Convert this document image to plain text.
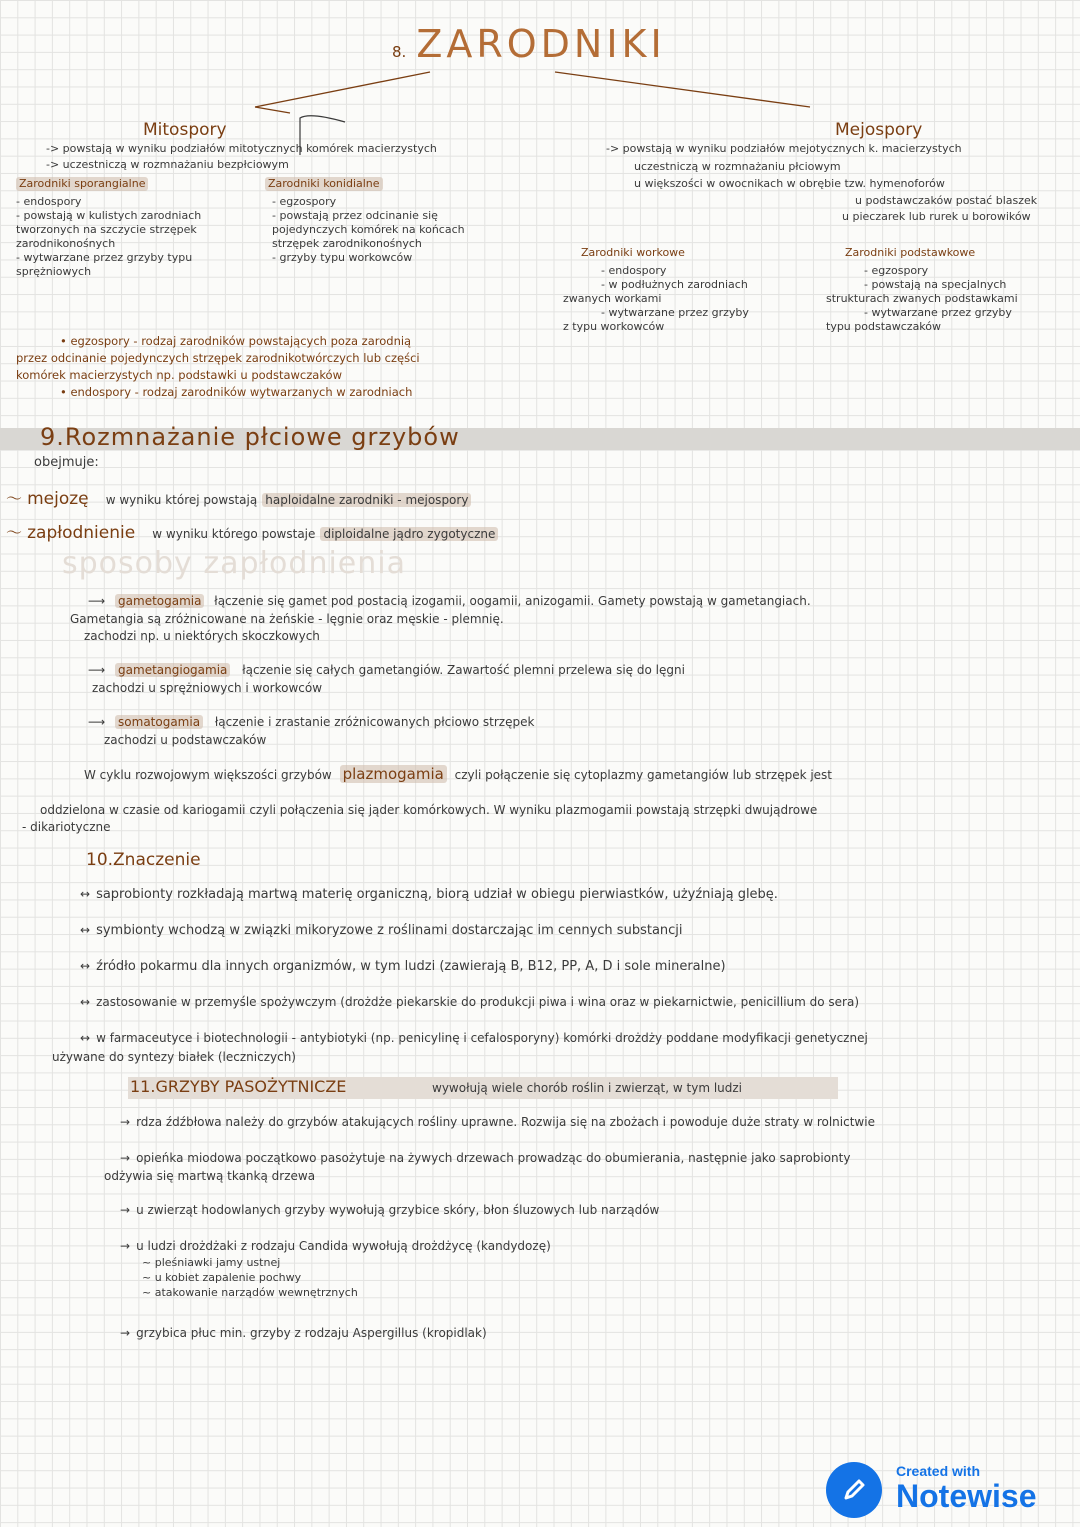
8. ZARODNIKI
Mitospory
-> powstają w wyniku podziałów mitotycznych komórek macierzystych
-> uczestniczą w rozmnażaniu bezpłciowym
Zarodniki sporangialne
- endospory
- powstają w kulistych zarodniach
tworzonych na szczycie strzępek
zarodnikonośnych
- wytwarzane przez grzyby typu
sprężniowych
Zarodniki konidialne
- egzospory
- powstają przez odcinanie się
pojedynczych komórek na końcach
strzępek zarodnikonośnych
- grzyby typu workowców
Mejospory
-> powstają w wyniku podziałów mejotycznych k. macierzystych
uczestniczą w rozmnażaniu płciowym
u większości w owocnikach w obrębie tzw. hymenoforów
u podstawczaków postać blaszek
u pieczarek lub rurek u borowików
Zarodniki workowe
- endospory
- w podłużnych zarodniach
zwanych workami
- wytwarzane przez grzyby
z typu workowców
Zarodniki podstawkowe
- egzospory
- powstają na specjalnych
strukturach zwanych podstawkami
- wytwarzane przez grzyby
typu podstawczaków
• egzospory - rodzaj zarodników powstających poza zarodnią
przez odcinanie pojedynczych strzępek zarodnikotwórczych lub części
komórek macierzystych np. podstawki u podstawczaków
• endospory - rodzaj zarodników wytwarzanych w zarodniach
9.Rozmnażanie płciowe grzybów
obejmuje:
〜 mejozę w wyniku której powstają haploidalne zarodniki - mejospory
〜 zapłodnienie w wyniku którego powstaje diploidalne jądro zygotyczne
sposoby zapłodnienia
⟶ gametogamia łączenie się gamet pod postacią izogamii, oogamii, anizogamii. Gamety powstają w gametangiach.
Gametangia są zróżnicowane na żeńskie - lęgnie oraz męskie - plemnię.
zachodzi np. u niektórych skoczkowych
⟶ gametangiogamia łączenie się całych gametangiów. Zawartość plemni przelewa się do lęgni
zachodzi u sprężniowych i workowców
⟶ somatogamia łączenie i zrastanie zróżnicowanych płciowo strzępek
zachodzi u podstawczaków
W cyklu rozwojowym większości grzybów plazmogamia czyli połączenie się cytoplazmy gametangiów lub strzępek jest
oddzielona w czasie od kariogamii czyli połączenia się jąder komórkowych. W wyniku plazmogamii powstają strzępki dwujądrowe
- dikariotyczne
10.Znaczenie
↔ saprobionty rozkładają martwą materię organiczną, biorą udział w obiegu pierwiastków, użyźniają glebę.
↔ symbionty wchodzą w związki mikoryzowe z roślinami dostarczając im cennych substancji
↔ źródło pokarmu dla innych organizmów, w tym ludzi (zawierają B, B12, PP, A, D i sole mineralne)
↔ zastosowanie w przemyśle spożywczym (drożdże piekarskie do produkcji piwa i wina oraz w piekarnictwie, penicillium do sera)
↔ w farmaceutyce i biotechnologii - antybiotyki (np. penicylinę i cefalosporyny) komórki drożdży poddane modyfikacji genetycznej
używane do syntezy białek (leczniczych)
11.GRZYBY PASOŻYTNICZE	wywołują wiele chorób roślin i zwierząt, w tym ludzi
→ rdza źdźbłowa należy do grzybów atakujących rośliny uprawne. Rozwija się na zbożach i powoduje duże straty w rolnictwie
→ opieńka miodowa początkowo pasożytuje na żywych drzewach prowadząc do obumierania, następnie jako saprobionty
odżywia się martwą tkanką drzewa
→ u zwierząt hodowlanych grzyby wywołują grzybice skóry, błon śluzowych lub narządów
→ u ludzi drożdżaki z rodzaju Candida wywołują drożdżycę (kandydozę)
~ pleśniawki jamy ustnej
~ u kobiet zapalenie pochwy
~ atakowanie narządów wewnętrznych
→ grzybica płuc min. grzyby z rodzaju Aspergillus (kropidlak)
Created with
Notewise
